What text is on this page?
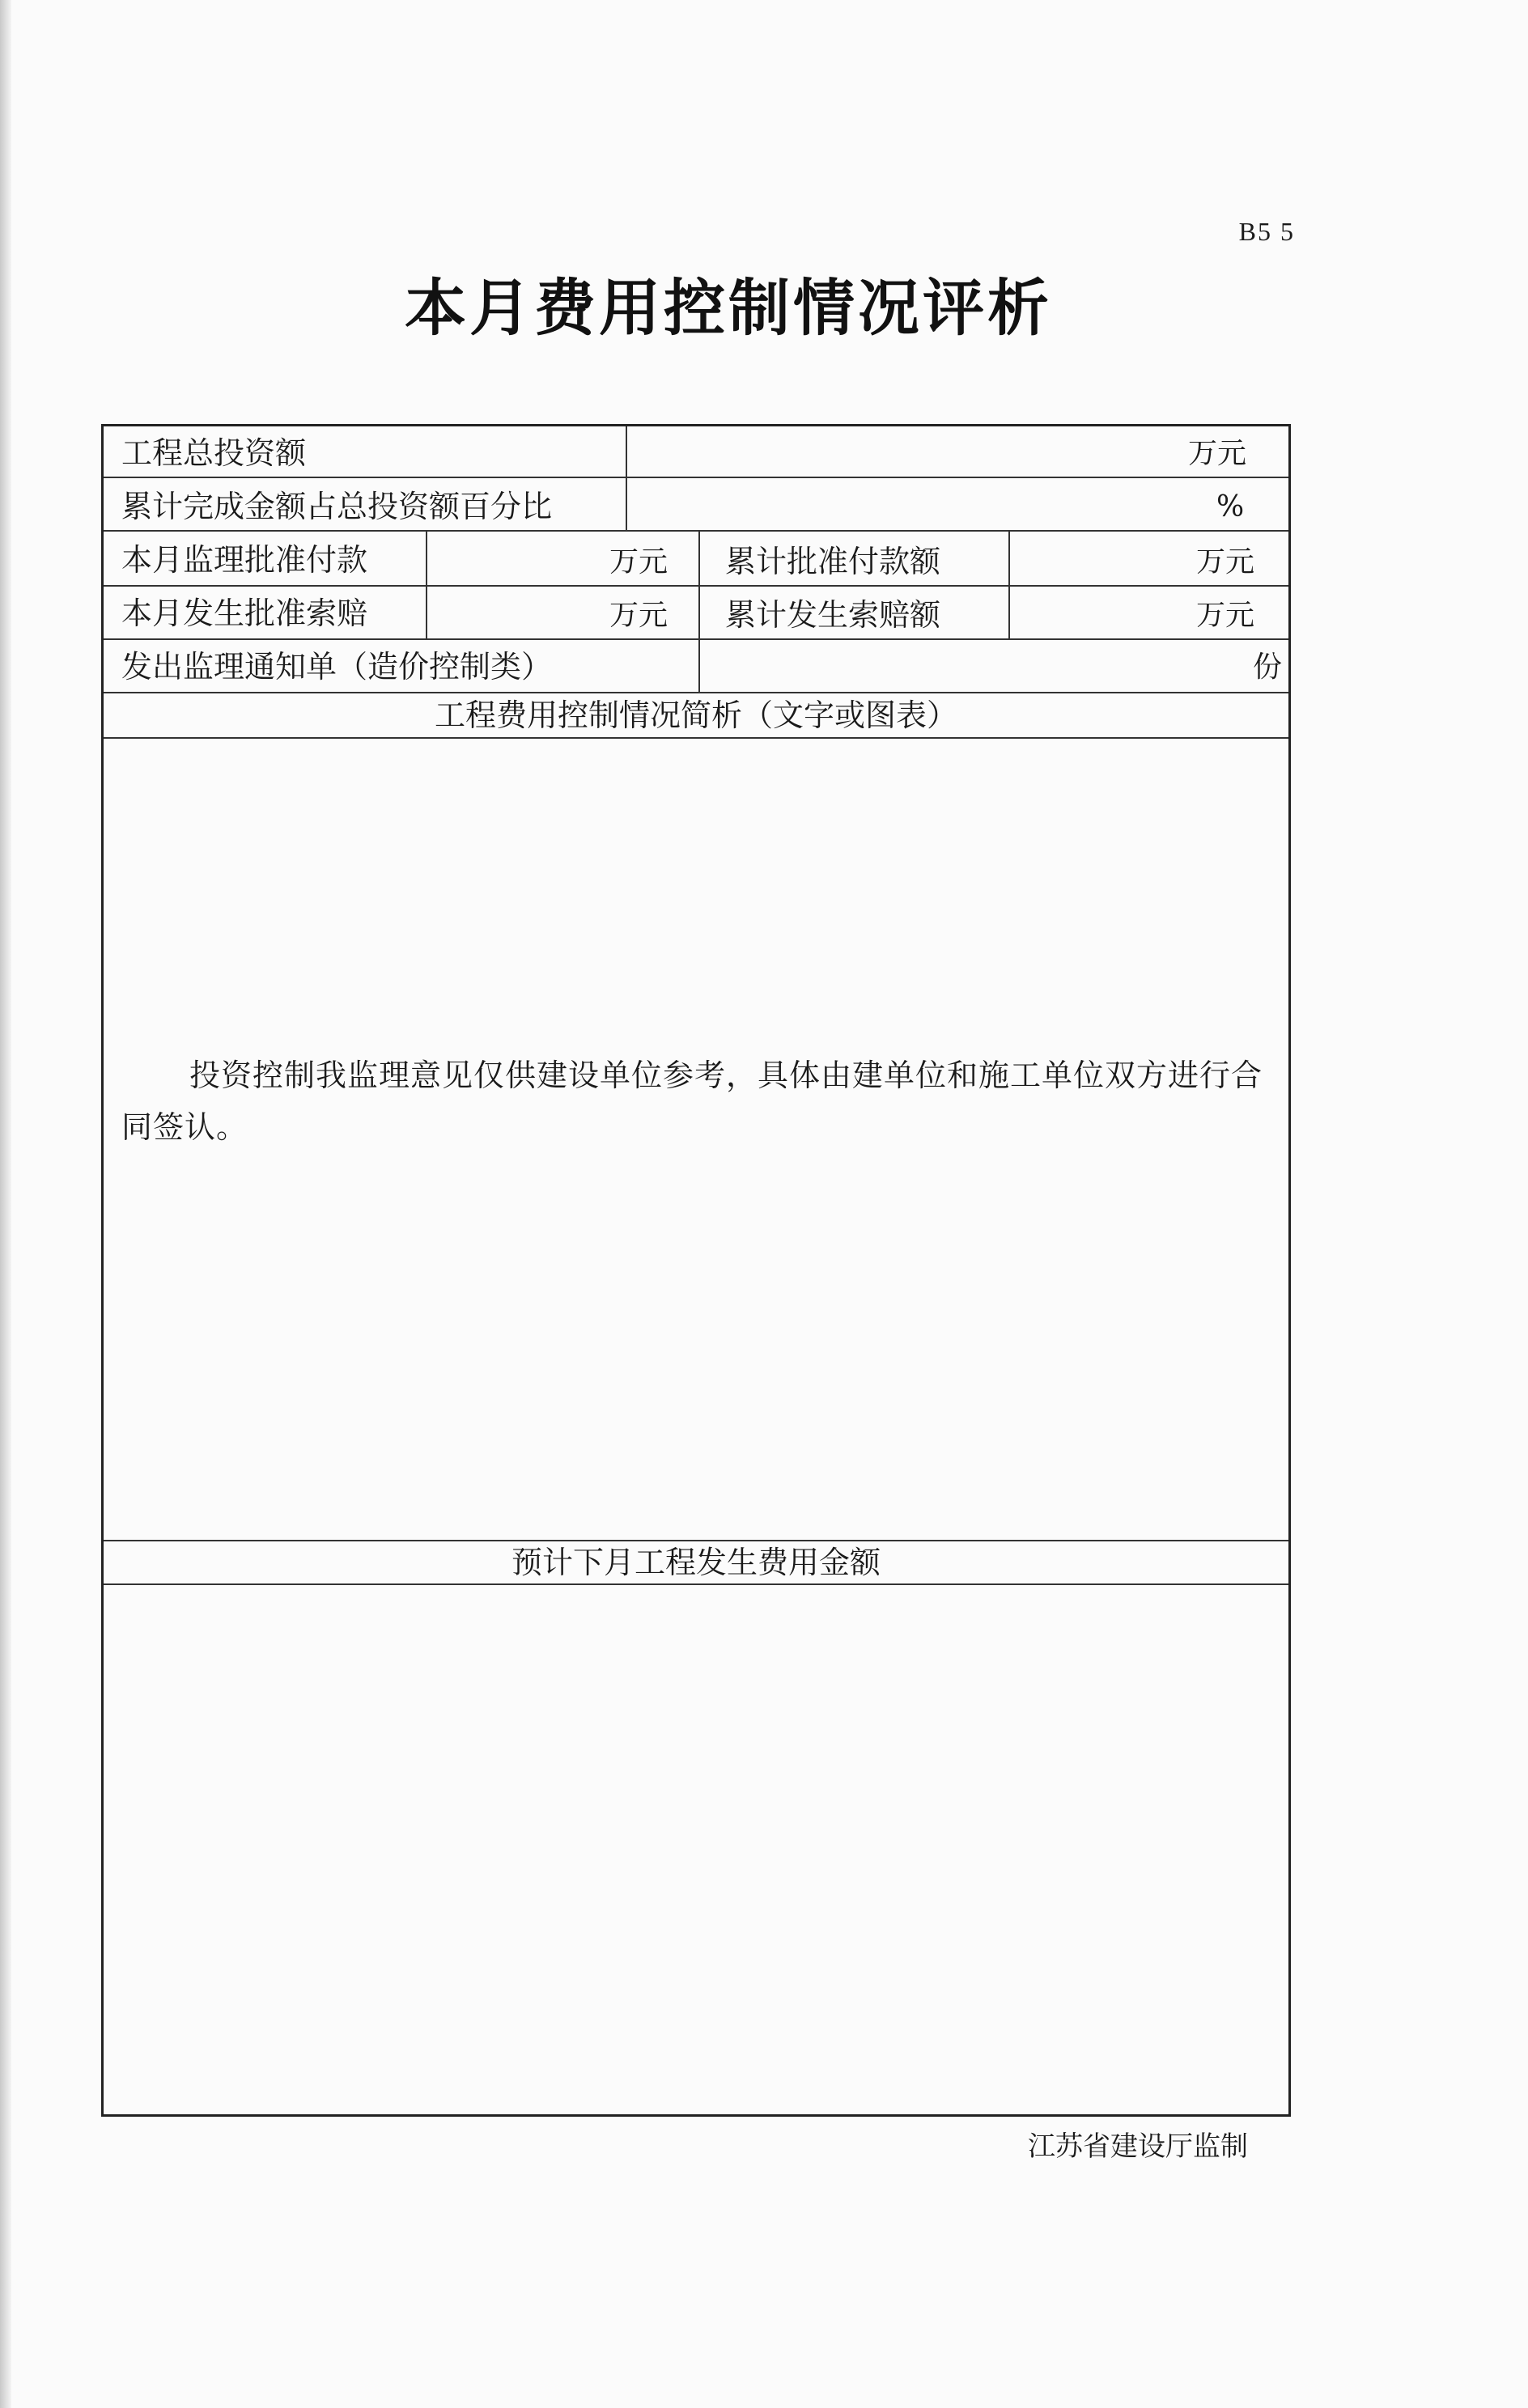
B5 5
本月费用控制情况评析
工程总投资额	万元
累计完成金额占总投资额百分比	%
本月监理批准付款	万元 累计批准付款额	万元
本月发生批准索赔	万元 累计发生索赔额	万元
发出监理通知单（造价控制类）	份
工程费用控制情况简析（文字或图表）
投资控制我监理意见仅供建设单位参考，具体由建单位和施工单位双方进行合同签认。
预计下月工程发生费用金额
江苏省建设厅监制
